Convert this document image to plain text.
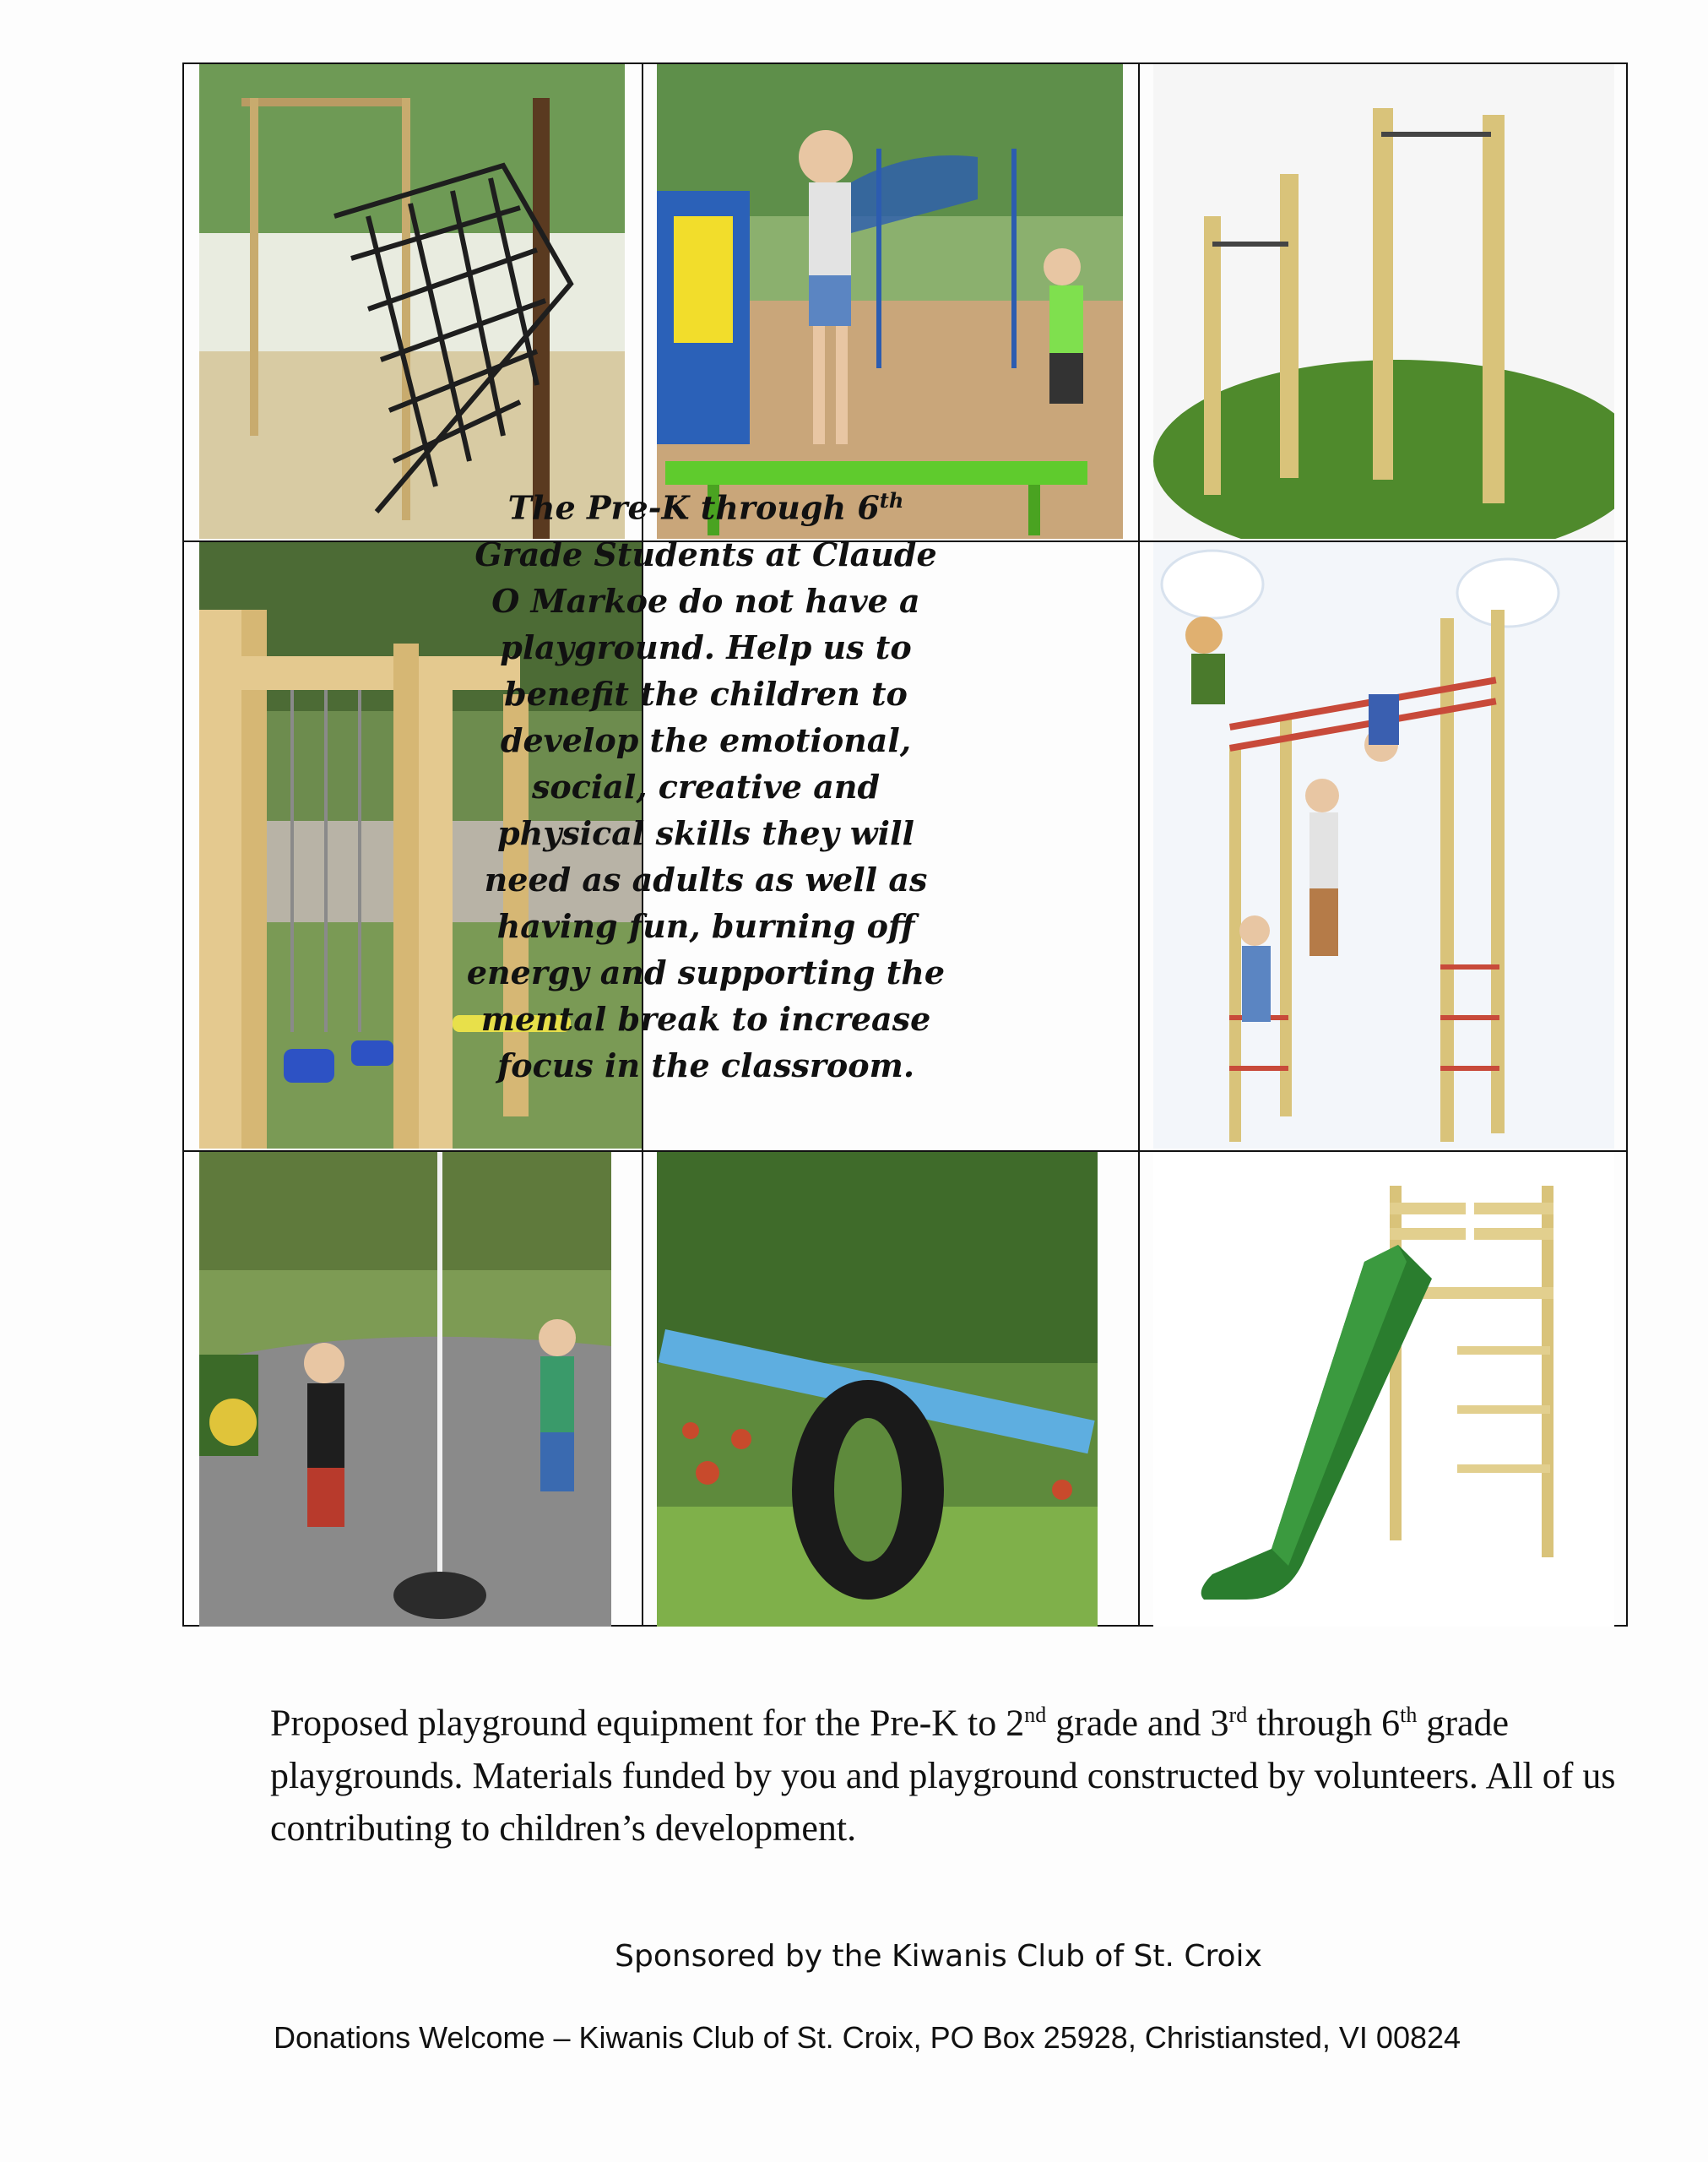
The Pre-K through 6th Grade Students at Claude O Markoe do not have a playground. Help us to benefit the children to develop the emotional, social, creative and physical skills they will need as adults as well as having fun, burning off energy and supporting the mental break to increase focus in the classroom.
Proposed playground equipment for the Pre-K to 2nd grade and 3rd through 6th grade playgrounds. Materials funded by you and playground constructed by volunteers. All of us contributing to children’s development.
Sponsored by the Kiwanis Club of St. Croix
Donations Welcome – Kiwanis Club of St. Croix, PO Box 25928, Christiansted, VI 00824
